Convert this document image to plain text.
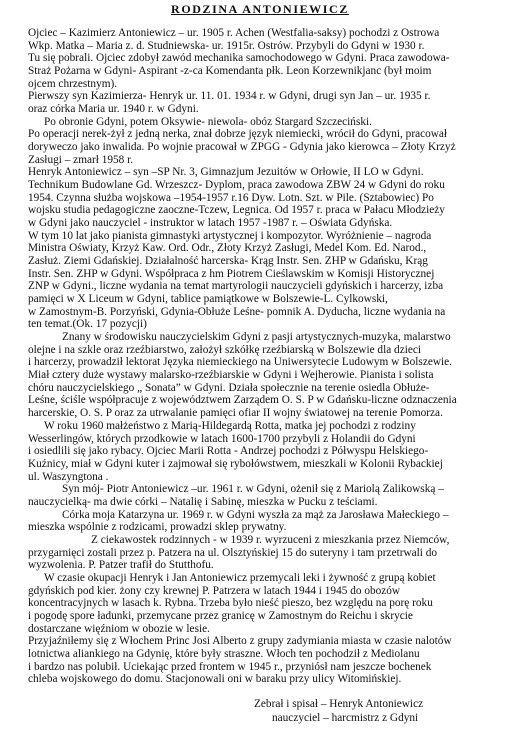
RODZINA ANTONIEWICZ
Ojciec – Kazimierz Antoniewicz – ur. 1905 r. Achen (Westfalia-saksy) pochodzi z Ostrowa
Wkp. Matka – Maria z. d. Studniewska- ur. 1915r. Ostrów. Przybyli do Gdyni w 1930 r.
Tu się pobrali. Ojciec zdobył zawód mechanika samochodowego w Gdyni. Praca zawodowa-
Straż Pożarna w Gdyni- Aspirant -z-ca Komendanta płk. Leon Korzewnikjanc (był moim
ojcem chrzestnym).
Pierwszy syn Kazimierza- Henryk ur. 11. 01. 1934 r. w Gdyni, drugi syn Jan – ur. 1935 r.
oraz córka Maria ur. 1940 r. w Gdyni.
Po obronie Gdyni, potem Oksywie- niewola- obóz Stargard Szczeciński.
Po operacji nerek-żył z jedną nerka, znał dobrze język niemiecki, wrócił do Gdyni, pracował
doryweczo jako inwalida. Po wojnie pracował w ZPGG - Gdynia jako kierowca – Złoty Krzyż
Zasługi – zmarł 1958 r.
Henryk Antoniewicz – syn –SP Nr. 3, Gimnazjum Jezuitów w Orłowie, II LO w Gdyni.
Technikum Budowlane Gd. Wrzeszcz- Dyplom, praca zawodowa ZBW 24 w Gdyni do roku
1954. Czynna służba wojskowa –1954-1957 r.16 Dyw. Lotn. Szt. w Pile. (Sztabowiec) Po
wojsku studia pedagogiczne zaoczne-Tczew, Legnica. Od 1957 r. praca w Pałacu Młodzieży
w Gdyni jako nauczyciel - instruktor w latach 1957 -1987 r. – Oświata Gdyńska.
W tym 10 lat jako pianista gimnastyki artystycznej i kompozytor. Wyróżnienie – nagroda
Ministra Oświaty, Krzyż Kaw. Ord. Odr., Złoty Krzyż Zasługi, Medel Kom. Ed. Narod.,
Zasłuż. Ziemi Gdańskiej. Działalność harcerska- Krąg Instr. Sen. ZHP w Gdańsku, Krąg
Instr. Sen. ZHP w Gdyni. Współpraca z hm Piotrem Cieślawskim w Komisji Historycznej
ZNP w Gdyni., liczne wydania na temat martyrologii nauczycieli gdyńskich i harcerzy, izba
pamięci w X Liceum w Gdyni, tablice pamiątkowe w Bolszewie-L. Cylkowski,
w Zamostnym-B. Porzyński, Gdynia-Obłuże Leśne- pomnik A. Dyducha, liczne wydania na
ten temat.(Ok. 17 pozycji)
Znany w środowisku nauczycielskim Gdyni z pasji artystycznych-muzyka, malarstwo
olejne i na szkle oraz rzeźbiarstwo, założył szkółkę rzeźbiarską w Bolszewie dla dzieci
i harcerzy, prowadził lektorat Języka niemieckiego na Uniwersytecie Ludowym w Bolszewie.
Miał cztery duże wystawy malarsko-rzeźbiarskie w Gdyni i Wejherowie. Pianista i solista
chóru nauczycielskiego „ Sonata” w Gdyni. Działa społecznie na terenie osiedla Obłuże-
Leśne, ściśle współpracuje z województwem Zarządem O. S. P w Gdańsku-liczne odznaczenia
harcerskie, O. S. P oraz za utrwalanie pamięci ofiar II wojny światowej na terenie Pomorza.
W roku 1960 małżeństwo z Marią-Hildegardą Rotta, matka jej pochodzi z rodziny
Wesserlingów, których przodkowie w latach 1600-1700 przybyli z Holandii do Gdyni
i osiedlili się jako rybacy. Ojciec Marii Rotta - Andrzej pochodzi z Półwyspu Helskiego-
Kuźnicy, miał w Gdyni kuter i zajmował się rybołówstwem, mieszkali w Kolonii Rybackiej
ul. Waszyngtona .
Syn mój- Piotr Antoniewicz –ur. 1961 r. w Gdyni, ożenił się z Mariolą Zalikowską –
nauczycielką- ma dwie córki – Natalię i Sabinę, mieszka w Pucku z teściami.
Córka moja Katarzyna ur. 1969 r. w Gdyni wyszła za mąż za Jarosława Małeckiego –
mieszka wspólnie z rodzicami, prowadzi sklep prywatny.
Z ciekawostek rodzinnych - w 1939 r. wyrzuceni z mieszkania przez Niemców,
przygarnięci zostali przez p. Patzera na ul. Olsztyńskiej 15 do suteryny i tam przetrwali do
wyzwolenia. P. Patzer trafił do Stutthofu.
W czasie okupacji Henryk i Jan Antoniewicz przemycali leki i żywność z grupą kobiet
gdyńskich pod kier. żony czy krewnej P. Patrzera w latach 1944 i 1945 do obozów
koncentracyjnych w lasach k. Rybna. Trzeba było nieść pieszo, bez względu na porę roku
i pogodę spore ładunki, przemycane przez granicę w Zamostnym do Reichu i skrycie
dostarczane więźniom w obozie w lesie.
Przyjaźniłemy się z Włochem Princ Josi Alberto z grupy zadymiania miasta w czasie nalotów
lotnictwa aliankiego na Gdynię, które były straszne. Włoch ten pochodził z Mediolanu
i bardzo nas polubił. Uciekając przed frontem w 1945 r., przyniósł nam jeszcze bochenek
chleba wojskowego do domu. Stacjonowali oni w baraku przy ulicy Witomińskiej.
Zebrał i spisał – Henryk Antoniewicz
nauczyciel – harcmistrz z Gdyni
